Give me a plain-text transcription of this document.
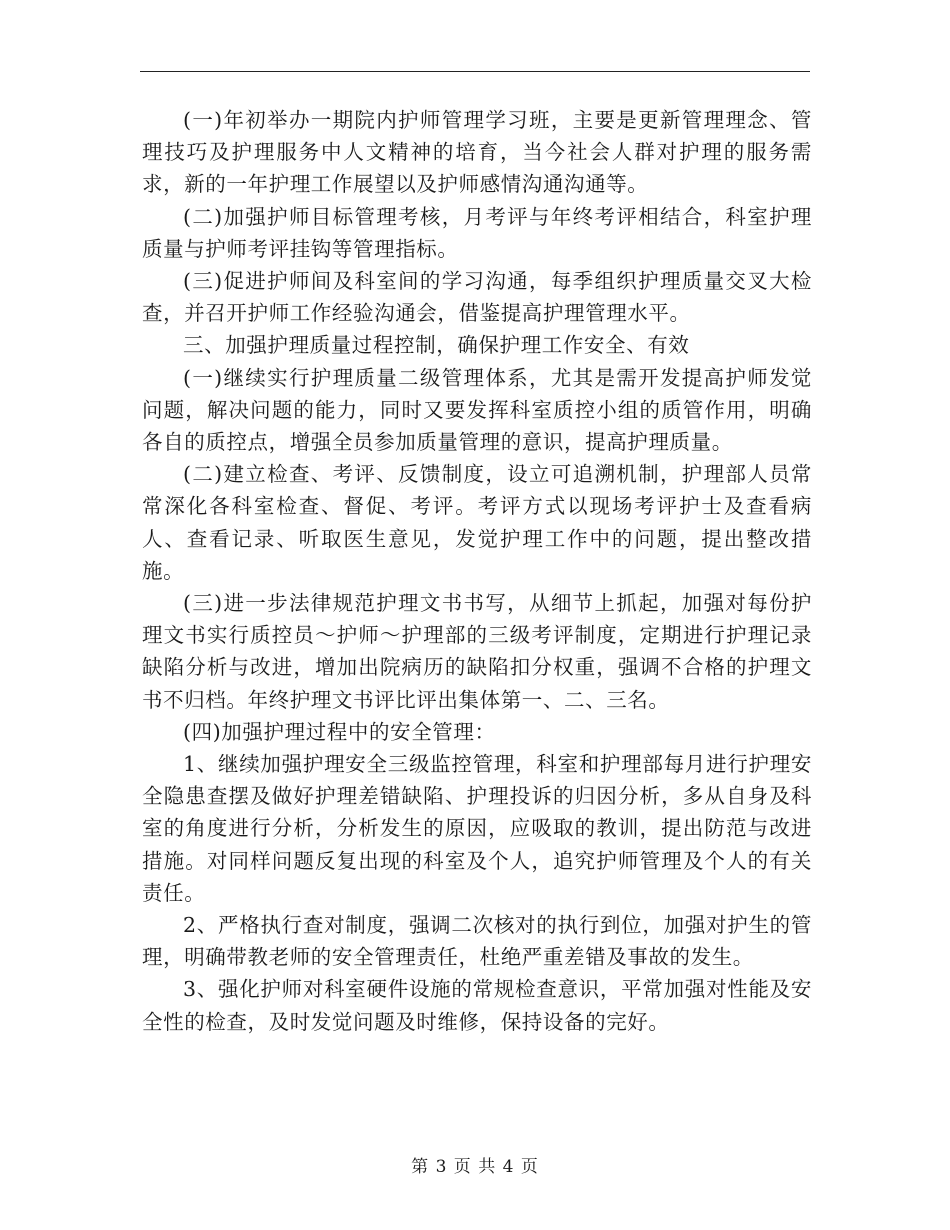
(一)年初举办一期院内护师管理学习班，主要是更新管理理念、管理技巧及护理服务中人文精神的培育，当今社会人群对护理的服务需求，新的一年护理工作展望以及护师感情沟通沟通等。

(二)加强护师目标管理考核，月考评与年终考评相结合，科室护理质量与护师考评挂钩等管理指标。

(三)促进护师间及科室间的学习沟通，每季组织护理质量交叉大检查，并召开护师工作经验沟通会，借鉴提高护理管理水平。

三、加强护理质量过程控制，确保护理工作安全、有效

(一)继续实行护理质量二级管理体系，尤其是需开发提高护师发觉问题，解决问题的能力，同时又要发挥科室质控小组的质管作用，明确各自的质控点，增强全员参加质量管理的意识，提高护理质量。

(二)建立检查、考评、反馈制度，设立可追溯机制，护理部人员常常深化各科室检查、督促、考评。考评方式以现场考评护士及查看病人、查看记录、听取医生意见，发觉护理工作中的问题，提出整改措施。

(三)进一步法律规范护理文书书写，从细节上抓起，加强对每份护理文书实行质控员～护师～护理部的三级考评制度，定期进行护理记录缺陷分析与改进，增加出院病历的缺陷扣分权重，强调不合格的护理文书不归档。年终护理文书评比评出集体第一、二、三名。

(四)加强护理过程中的安全管理：

1、继续加强护理安全三级监控管理，科室和护理部每月进行护理安全隐患查摆及做好护理差错缺陷、护理投诉的归因分析，多从自身及科室的角度进行分析，分析发生的原因，应吸取的教训，提出防范与改进措施。对同样问题反复出现的科室及个人，追究护师管理及个人的有关责任。

2、严格执行查对制度，强调二次核对的执行到位，加强对护生的管理，明确带教老师的安全管理责任，杜绝严重差错及事故的发生。

3、强化护师对科室硬件设施的常规检查意识，平常加强对性能及安全性的检查，及时发觉问题及时维修，保持设备的完好。

第 3 页 共 4 页
